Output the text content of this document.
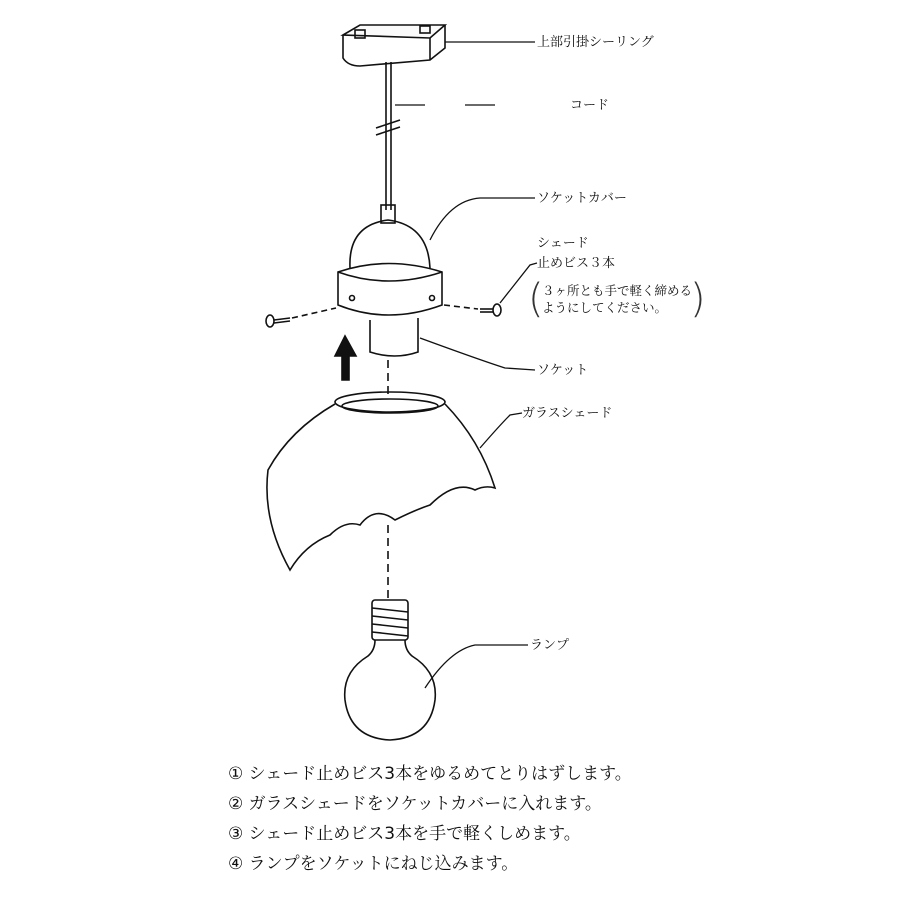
上部引掛シーリング
コード
ソケットカバー
シェード
止めビス３本
(
３ヶ所とも手で軽く締めるようにしてください。 )
ソケット
ガラスシェード
ランプ
① シェード止めビス3本をゆるめてとりはずします。
② ガラスシェードをソケットカバーに入れます。
③ シェード止めビス3本を手で軽くしめます。
④ ランプをソケットにねじ込みます。
